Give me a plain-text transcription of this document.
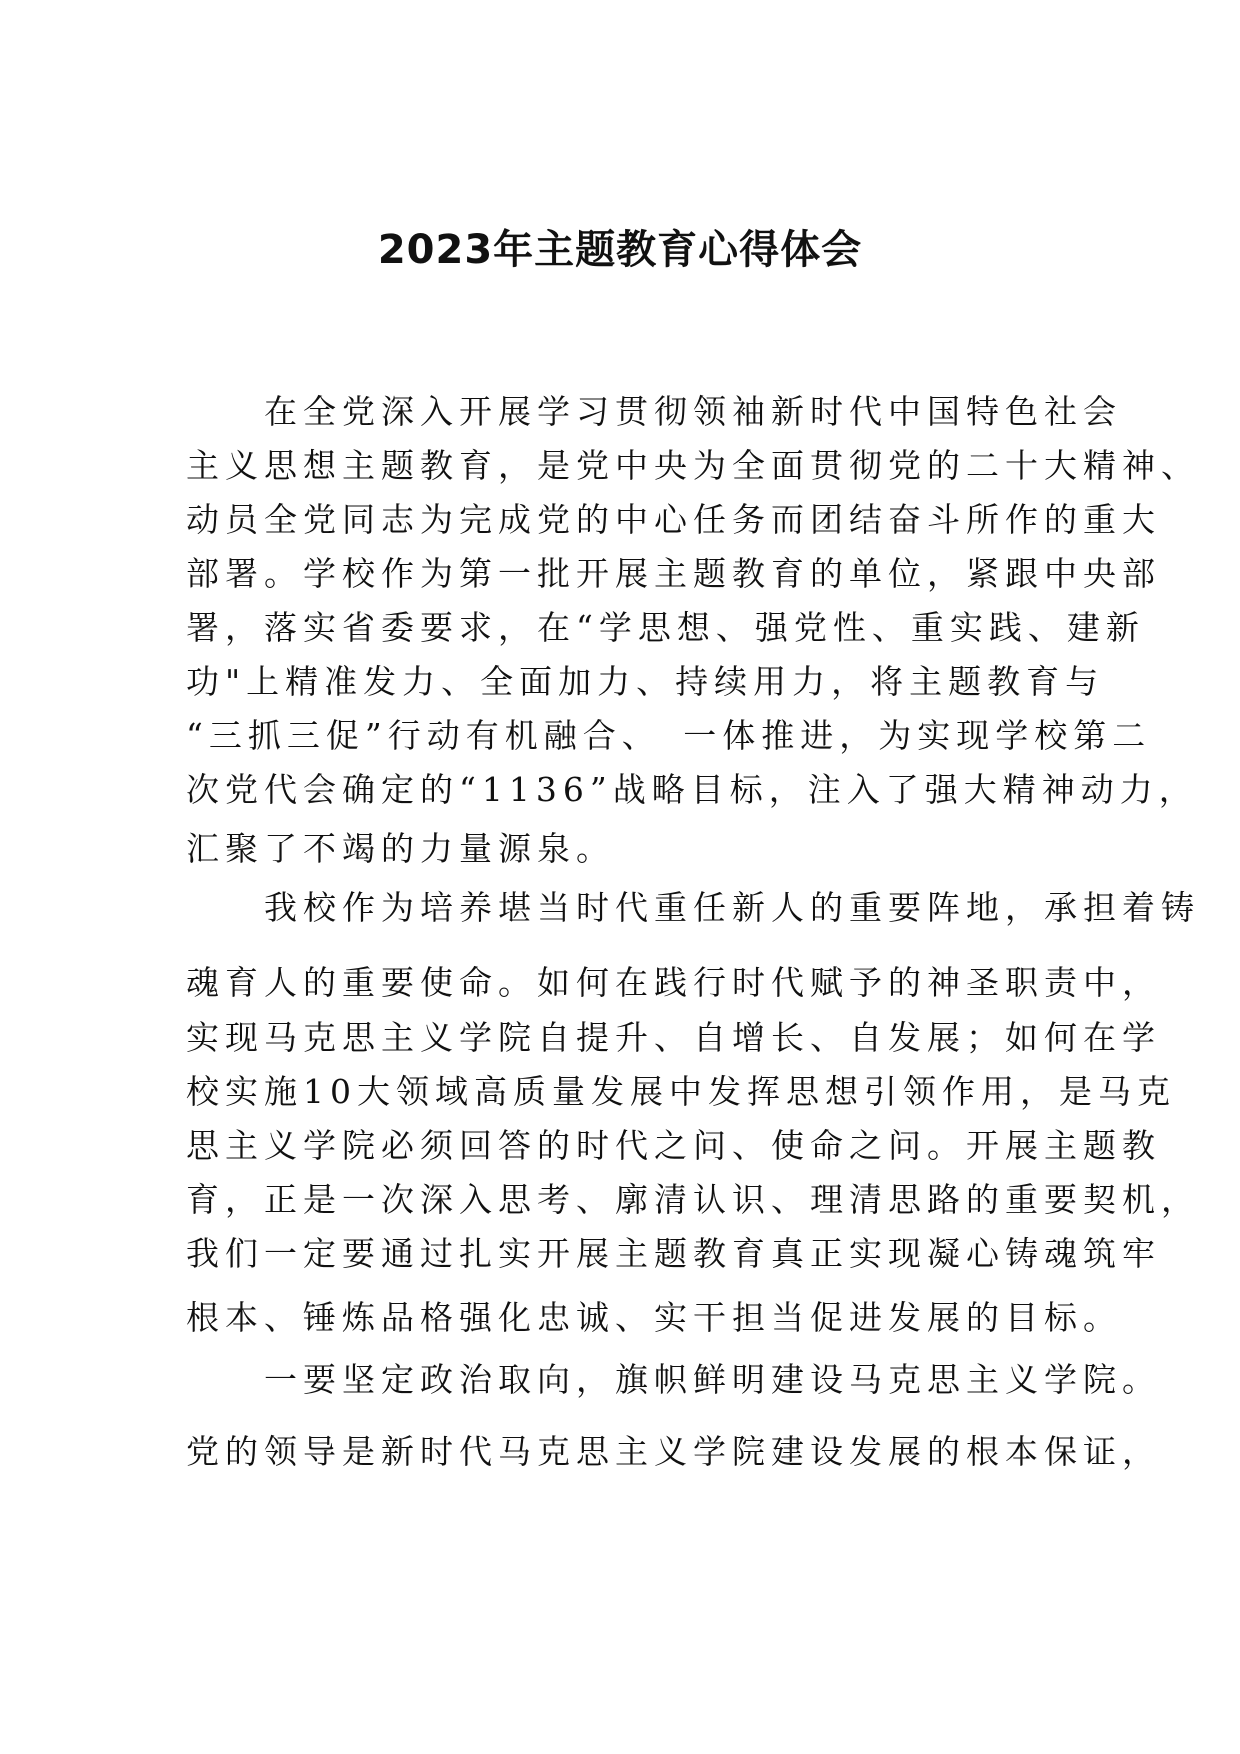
2023年主题教育心得体会

　　在全党深入开展学习贯彻领袖新时代中国特色社会

主义思想主题教育，是党中央为全面贯彻党的二十大精神、

动员全党同志为完成党的中心任务而团结奋斗所作的重大

部署。学校作为第一批开展主题教育的单位，紧跟中央部

署，落实省委要求，在“学思想、强党性、重实践、建新

功"上精准发力、全面加力、持续用力，将主题教育与

“三抓三促”行动有机融合、　一体推进，为实现学校第二

次党代会确定的“1136”战略目标，注入了强大精神动力，

汇聚了不竭的力量源泉。

　　我校作为培养堪当时代重任新人的重要阵地，承担着铸

魂育人的重要使命。如何在践行时代赋予的神圣职责中，

实现马克思主义学院自提升、自增长、自发展；如何在学

校实施10大领域高质量发展中发挥思想引领作用，是马克

思主义学院必须回答的时代之问、使命之问。开展主题教

育，正是一次深入思考、廓清认识、理清思路的重要契机，

我们一定要通过扎实开展主题教育真正实现凝心铸魂筑牢

根本、锤炼品格强化忠诚、实干担当促进发展的目标。

　　一要坚定政治取向，旗帜鲜明建设马克思主义学院。

党的领导是新时代马克思主义学院建设发展的根本保证，
